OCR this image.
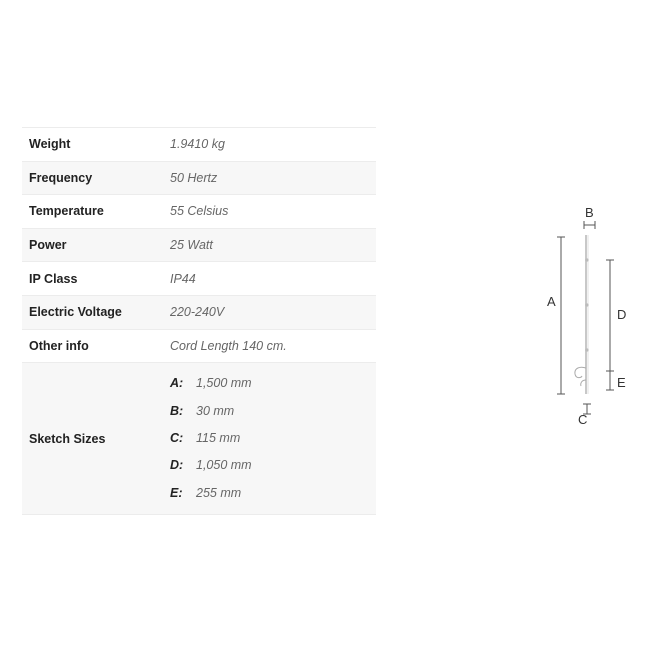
Weight	1.9410 kg
Frequency	50 Hertz
Temperature	55 Celsius
Power	25 Watt
IP Class	IP44
Electric Voltage	220-240V
Other info	Cord Length 140 cm.
Sketch Sizes	A: 1,500 mm
B: 30 mm
C: 115 mm
D: 1,050 mm
E: 255 mm
A
B
C
D
E
